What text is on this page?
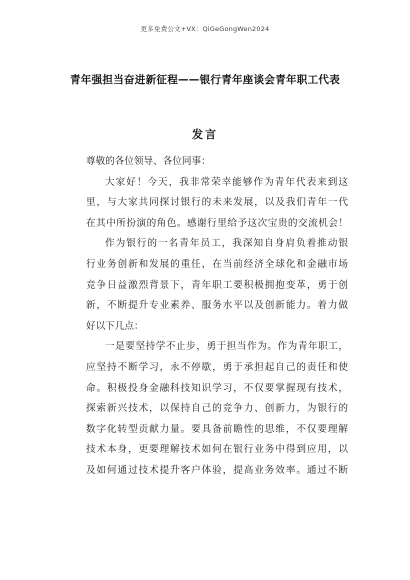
更多免费公文+VX：QiGeGongWen2024
青年强担当奋进新征程——银行青年座谈会青年职工代表
发言
尊敬的各位领导、各位同事：
大家好！今天，我非常荣幸能够作为青年代表来到这
里，与大家共同探讨银行的未来发展，以及我们青年一代
在其中所扮演的角色。感谢行里给予这次宝贵的交流机会！
作为银行的一名青年员工，我深知自身肩负着推动银
行业务创新和发展的重任，在当前经济全球化和金融市场
竞争日益激烈背景下，青年职工要积极拥抱变革，勇于创
新，不断提升专业素养、服务水平以及创新能力。着力做
好以下几点：
一是要坚持学不止步，勇于担当作为。作为青年职工，
应坚持不断学习，永不停歇，勇于承担起自己的责任和使
命。积极投身金融科技知识学习，不仅要掌握现有技术，
探索新兴技术，以保持自己的竞争力、创新力，为银行的
数字化转型贡献力量。要具备前瞻性的思维，不仅要理解
技术本身，更要理解技术如何在银行业务中得到应用，以
及如何通过技术提升客户体验，提高业务效率。通过不断
